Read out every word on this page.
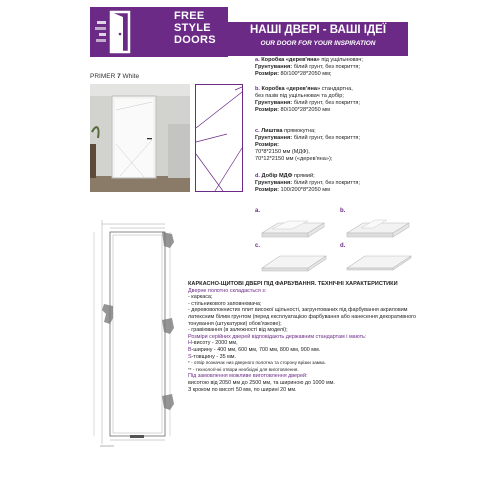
FREE
STYLE
DOORS
НАШІ ДВЕРІ - ВАШІ ІДЕЇ
OUR DOOR FOR YOUR INSPIRATION
PRIMER 7 White
a. Коробка «дерев'яна» під ущільнювач;
Грунтування: білий грунт, без покриття;
Розміри: 80/100*28*2050 мм;
b. Коробка «дерев'яна» стандартна,
без пазів під ущільнювач та добір;
Грунтування: білий грунт, без покриття;
Розміри: 80/100*28*2050 мм
c. Лиштва прямокутна;
Грунтування: білий грунт, без покриття;
Розміри:
70*8*2150 мм (МДФ),
70*12*2150 мм («дерев'яна»);
d. Добір МДФ прямий;
Грунтування: білий грунт, без покриття;
Розміри: 100/200*8*2050 мм
a.	b.
c.	d.
КАРКАСНО-ЩИТОВІ ДВЕРІ ПІД ФАРБУВАННЯ. ТЕХНІЧНІ ХАРАКТЕРИСТИКИ
Дверне полотно складається з:
- каркаса;
- стільникового заповнювача;
- деревоволокнистих плит високої щільності, загрунтованих під фарбування акриловим латексним білим грунтом (перед експлуатацією фарбування або нанесення декоративного тонування (штукатурки) обов'язкове);
- гравіювання (в залежності від моделі);
Розміри серійних дверей відповідають державним стандартам і мають:
Н-висоту - 2000 мм,
В-ширину - 400 мм, 600 мм, 700 мм, 800 мм, 900 мм.
S-товщину - 35 мм.
* - отвір позначає низ дверного полотна та сторону врізки замка.
** - технологічні отвори необхідні для виготовлення.
Під замовлення можливе виготовлення дверей:
висотою від 2050 мм до 2500 мм, та шириною до 1000 мм.
З кроком по висоті 50 мм, по ширині 20 мм.
